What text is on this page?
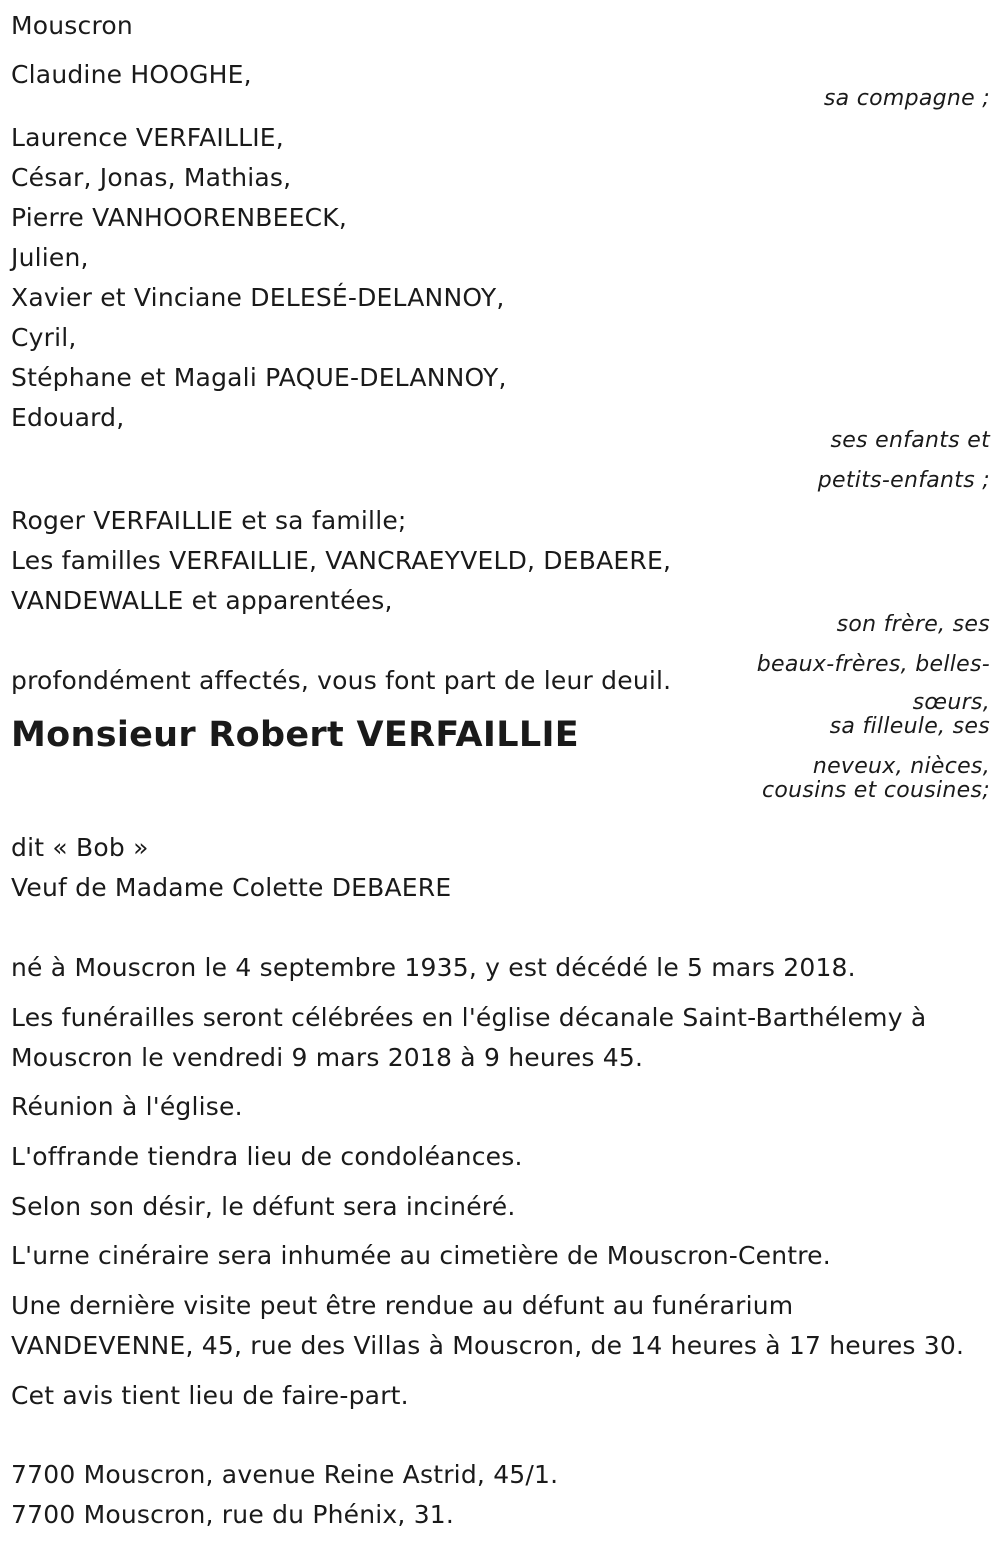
Mouscron
Claudine HOOGHE,
sa compagne ;
Laurence VERFAILLIE,
César, Jonas, Mathias,
Pierre VANHOORENBEECK,
Julien,
Xavier et Vinciane DELESÉ-DELANNOY,
Cyril,
Stéphane et Magali PAQUE-DELANNOY,
Edouard,
ses enfants et
petits-enfants ;
Roger VERFAILLIE et sa famille;
Les familles VERFAILLIE, VANCRAEYVELD, DEBAERE,
VANDEWALLE et apparentées,
son frère, ses
beaux-frères, belles-
sœurs,
sa filleule, ses
neveux, nièces,
cousins et cousines;
profondément affectés, vous font part de leur deuil.
Monsieur Robert VERFAILLIE
dit « Bob »
Veuf de Madame Colette DEBAERE
né à Mouscron le 4 septembre 1935, y est décédé le 5 mars 2018.
Les funérailles seront célébrées en l'église décanale Saint-Barthélemy à
Mouscron le vendredi 9 mars 2018 à 9 heures 45.
Réunion à l'église.
L'offrande tiendra lieu de condoléances.
Selon son désir, le défunt sera incinéré.
L'urne cinéraire sera inhumée au cimetière de Mouscron-Centre.
Une dernière visite peut être rendue au défunt au funérarium
VANDEVENNE, 45, rue des Villas à Mouscron, de 14 heures à 17 heures 30.
Cet avis tient lieu de faire-part.
7700 Mouscron, avenue Reine Astrid, 45/1.
7700 Mouscron, rue du Phénix, 31.
